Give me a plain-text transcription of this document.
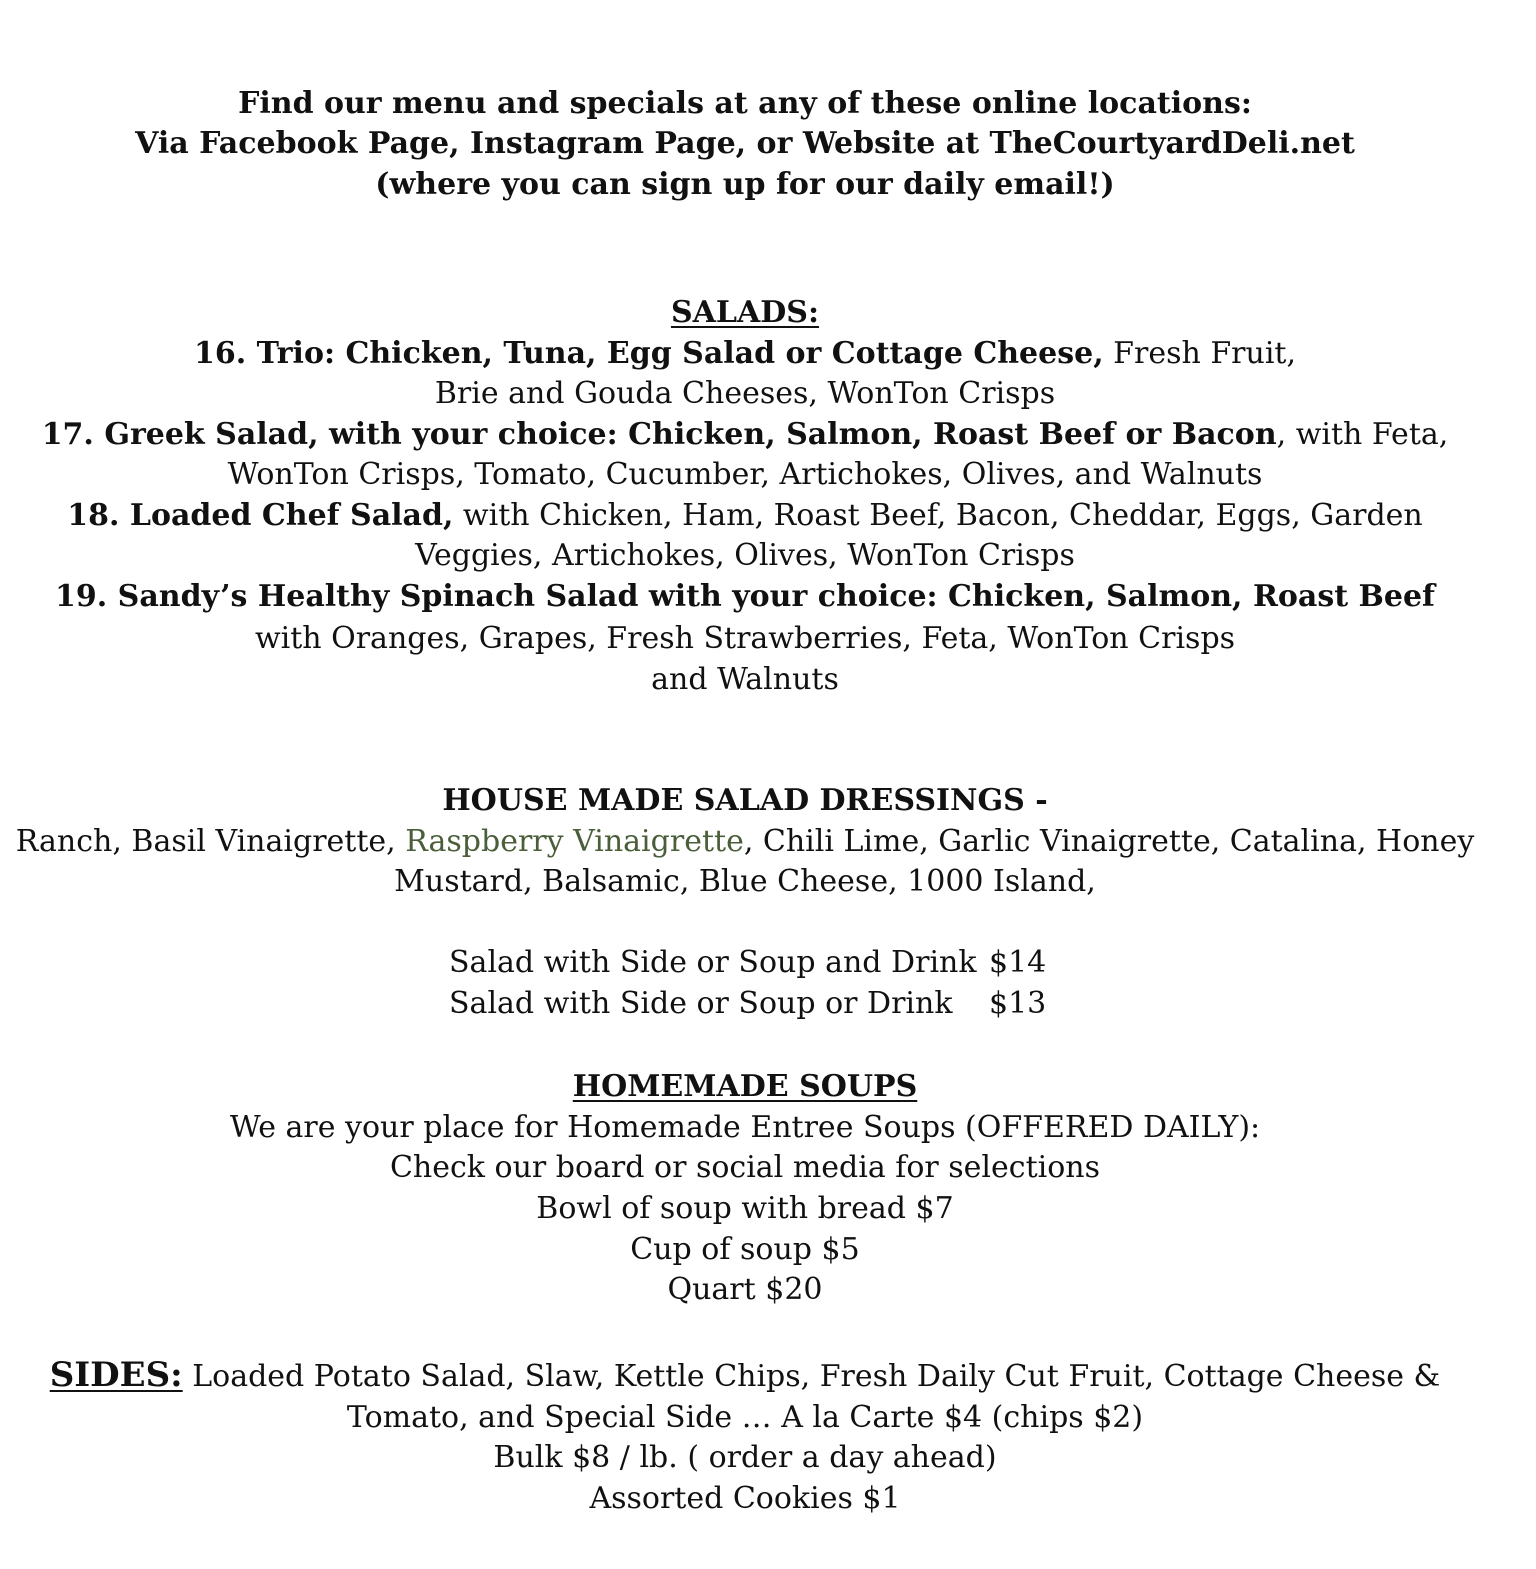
Find our menu and specials at any of these online locations:
Via Facebook Page, Instagram Page, or Website at TheCourtyardDeli.net
(where you can sign up for our daily email!)
SALADS:
16. Trio: Chicken, Tuna, Egg Salad or Cottage Cheese, Fresh Fruit,
Brie and Gouda Cheeses, WonTon Crisps
17. Greek Salad, with your choice: Chicken, Salmon, Roast Beef or Bacon, with Feta,
WonTon Crisps, Tomato, Cucumber, Artichokes, Olives, and Walnuts
18. Loaded Chef Salad, with Chicken, Ham, Roast Beef, Bacon, Cheddar, Eggs, Garden
Veggies, Artichokes, Olives, WonTon Crisps
19. Sandy’s Healthy Spinach Salad with your choice: Chicken, Salmon, Roast Beef
with Oranges, Grapes, Fresh Strawberries, Feta, WonTon Crisps
and Walnuts
HOUSE MADE SALAD DRESSINGS -
Ranch, Basil Vinaigrette, Raspberry Vinaigrette, Chili Lime, Garlic Vinaigrette, Catalina, Honey
Mustard, Balsamic, Blue Cheese, 1000 Island,
Salad with Side or Soup and Drink $14
Salad with Side or Soup or Drink $13
HOMEMADE SOUPS
We are your place for Homemade Entree Soups (OFFERED DAILY):
Check our board or social media for selections
Bowl of soup with bread $7
Cup of soup $5
Quart $20
SIDES: Loaded Potato Salad, Slaw, Kettle Chips, Fresh Daily Cut Fruit, Cottage Cheese &
Tomato, and Special Side … A la Carte $4 (chips $2)
Bulk $8 / lb. ( order a day ahead)
Assorted Cookies $1
